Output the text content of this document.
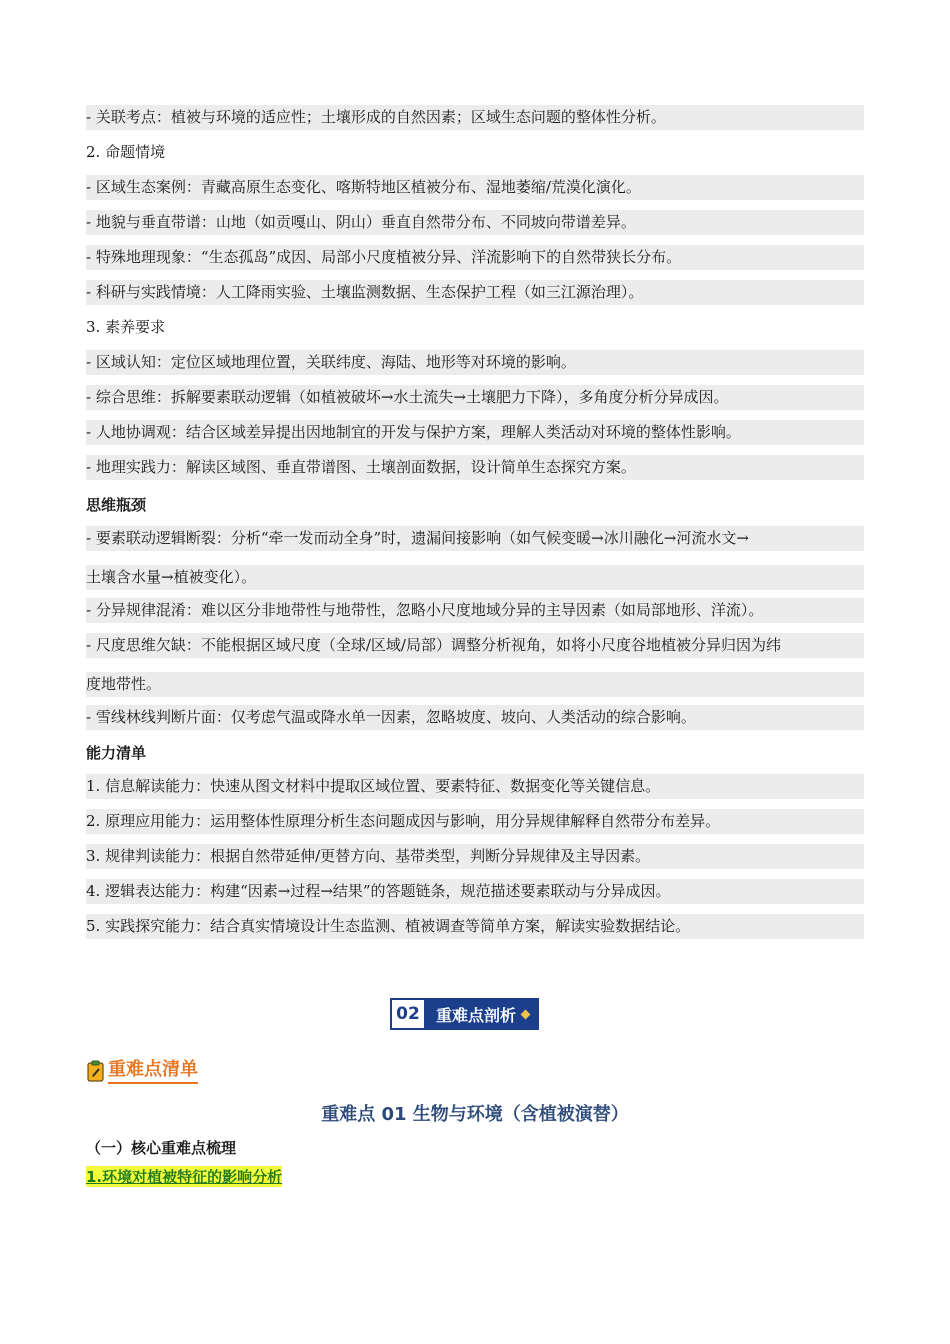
- 关联考点：植被与环境的适应性；土壤形成的自然因素；区域生态问题的整体性分析。
2. 命题情境
- 区域生态案例：青藏高原生态变化、喀斯特地区植被分布、湿地萎缩/荒漠化演化。
- 地貌与垂直带谱：山地（如贡嘎山、阴山）垂直自然带分布、不同坡向带谱差异。
- 特殊地理现象：“生态孤岛”成因、局部小尺度植被分异、洋流影响下的自然带狭长分布。
- 科研与实践情境：人工降雨实验、土壤监测数据、生态保护工程（如三江源治理）。
3. 素养要求
- 区域认知：定位区域地理位置，关联纬度、海陆、地形等对环境的影响。
- 综合思维：拆解要素联动逻辑（如植被破坏→水土流失→土壤肥力下降），多角度分析分异成因。
- 人地协调观：结合区域差异提出因地制宜的开发与保护方案，理解人类活动对环境的整体性影响。
- 地理实践力：解读区域图、垂直带谱图、土壤剖面数据，设计简单生态探究方案。
思维瓶颈
- 要素联动逻辑断裂：分析“牵一发而动全身”时，遗漏间接影响（如气候变暖→冰川融化→河流水文→
土壤含水量→植被变化）。
- 分异规律混淆：难以区分非地带性与地带性，忽略小尺度地域分异的主导因素（如局部地形、洋流）。
- 尺度思维欠缺：不能根据区域尺度（全球/区域/局部）调整分析视角，如将小尺度谷地植被分异归因为纬
度地带性。
- 雪线林线判断片面：仅考虑气温或降水单一因素，忽略坡度、坡向、人类活动的综合影响。
能力清单
1. 信息解读能力：快速从图文材料中提取区域位置、要素特征、数据变化等关键信息。
2. 原理应用能力：运用整体性原理分析生态问题成因与影响，用分异规律解释自然带分布差异。
3. 规律判读能力：根据自然带延伸/更替方向、基带类型，判断分异规律及主导因素。
4. 逻辑表达能力：构建“因素→过程→结果”的答题链条，规范描述要素联动与分异成因。
5. 实践探究能力：结合真实情境设计生态监测、植被调查等简单方案，解读实验数据结论。
02	重难点剖析
重难点清单
重难点 01 生物与环境（含植被演替）
（一）核心重难点梳理
1.环境对植被特征的影响分析
